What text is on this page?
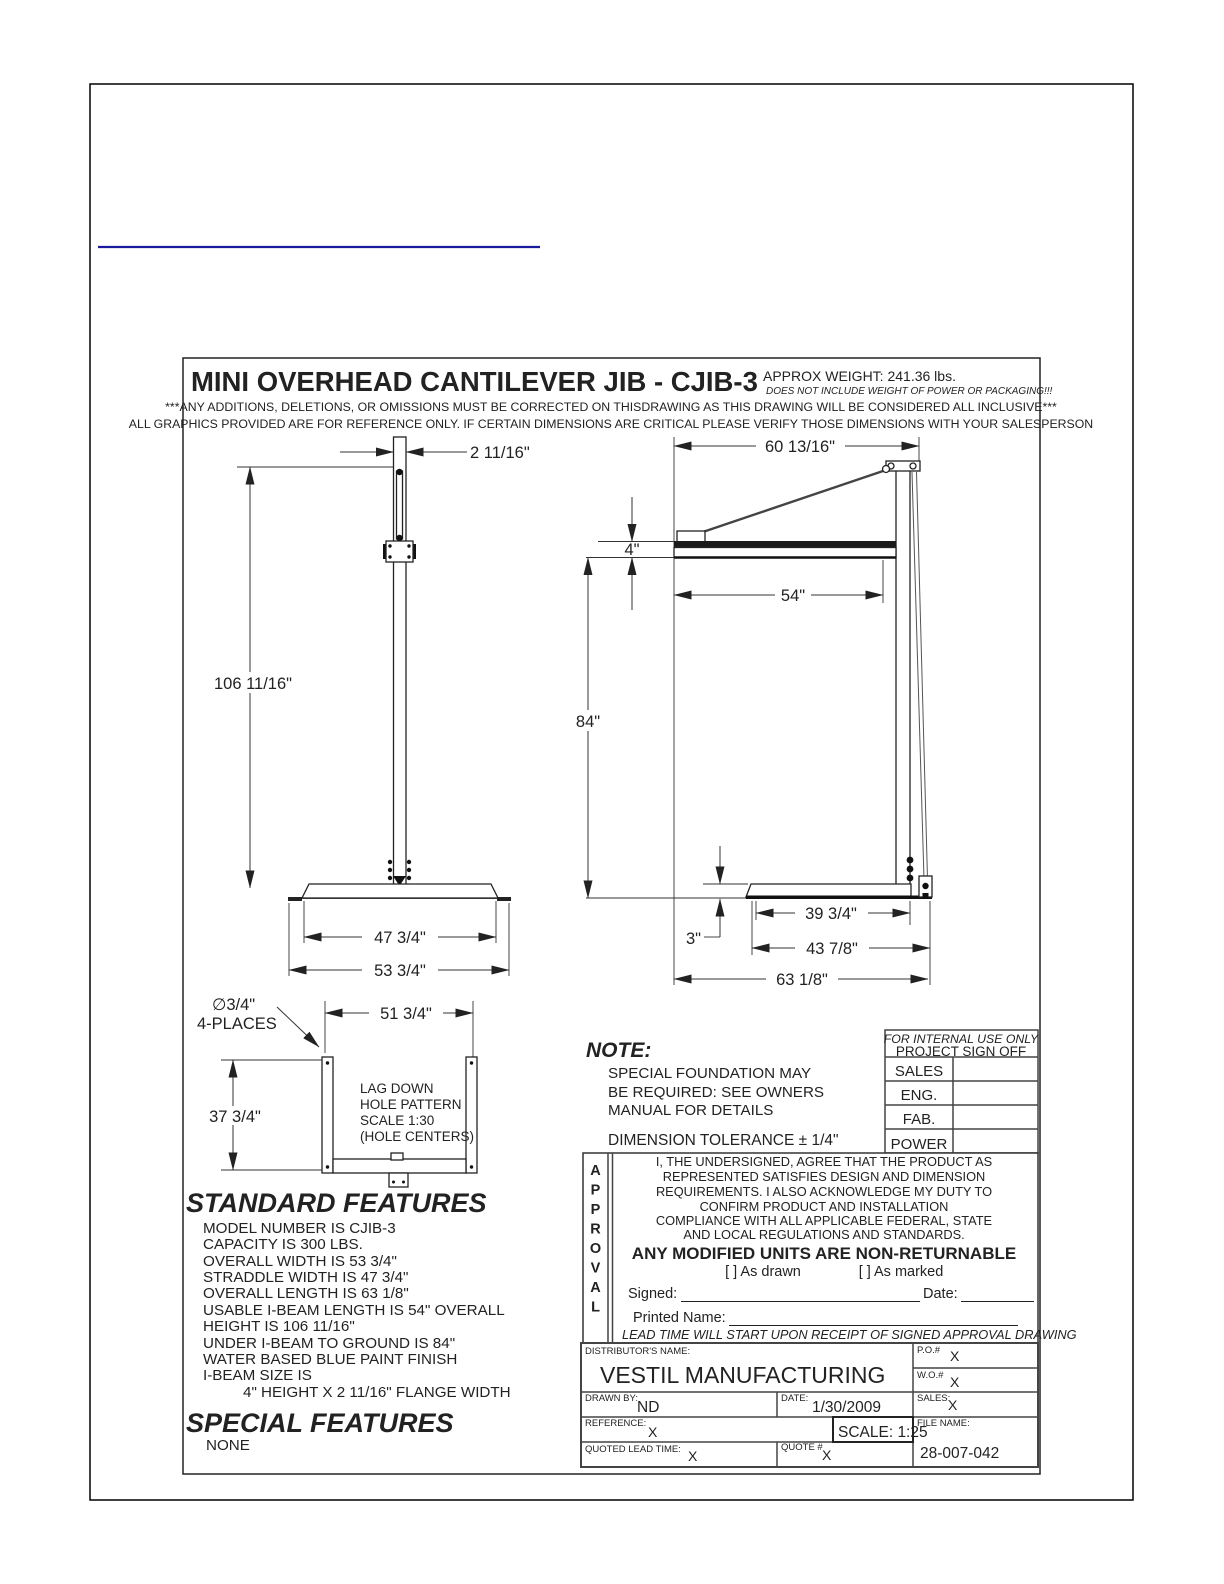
MINI OVERHEAD CANTILEVER JIB - CJIB-3 APPROX WEIGHT: 241.36 lbs.
DOES NOT INCLUDE WEIGHT OF POWER OR PACKAGING!!!
***ANY ADDITIONS, DELETIONS, OR OMISSIONS MUST BE CORRECTED ON THISDRAWING AS THIS DRAWING WILL BE CONSIDERED ALL INCLUSIVE***
ALL GRAPHICS PROVIDED ARE FOR REFERENCE ONLY. IF CERTAIN DIMENSIONS ARE CRITICAL PLEASE VERIFY THOSE DIMENSIONS WITH YOUR SALESPERSON
2 11/16"
106 11/16"
47 3/4"
53 3/4"
60 13/16"
4"
54"
84"
3"
39 3/4"
43 7/8"
63 1/8"
∅3/4"
4-PLACES
51 3/4"
37 3/4"
LAG DOWN
HOLE PATTERN
SCALE 1:30
(HOLE CENTERS)
STANDARD FEATURES
MODEL NUMBER IS CJIB-3
CAPACITY IS 300 LBS.
OVERALL WIDTH IS 53 3/4"
STRADDLE WIDTH IS 47 3/4"
OVERALL LENGTH IS 63 1/8"
USABLE I-BEAM LENGTH IS 54" OVERALL
HEIGHT IS 106 11/16"
UNDER I-BEAM TO GROUND IS 84"
WATER BASED BLUE PAINT FINISH
I-BEAM SIZE IS
4" HEIGHT X 2 11/16" FLANGE WIDTH
SPECIAL FEATURES
NONE
NOTE:
SPECIAL FOUNDATION MAY
BE REQUIRED: SEE OWNERS
MANUAL FOR DETAILS
DIMENSION TOLERANCE ± 1/4"
FOR INTERNAL USE ONLY
PROJECT SIGN OFF
SALES
ENG.
FAB.
POWER
A
P
P
R
O
V
A
L
I, THE UNDERSIGNED, AGREE THAT THE PRODUCT AS
REPRESENTED SATISFIES DESIGN AND DIMENSION
REQUIREMENTS. I ALSO ACKNOWLEDGE MY DUTY TO
CONFIRM PRODUCT AND INSTALLATION
COMPLIANCE WITH ALL APPLICABLE FEDERAL, STATE
AND LOCAL REGULATIONS AND STANDARDS.
ANY MODIFIED UNITS ARE NON-RETURNABLE
[ ] As drawn	[ ] As marked
Signed:	Date:
Printed Name:
LEAD TIME WILL START UPON RECEIPT OF SIGNED APPROVAL DRAWING
DISTRIBUTOR'S NAME:
VESTIL MANUFACTURING
P.O.# X
W.O.# X
DRAWN BY:
ND
DATE:
1/30/2009
SALES:
X
REFERENCE:
X	SCALE: 1:25
FILE NAME:
28-007-042
QUOTED LEAD TIME: X
QUOTE # X
